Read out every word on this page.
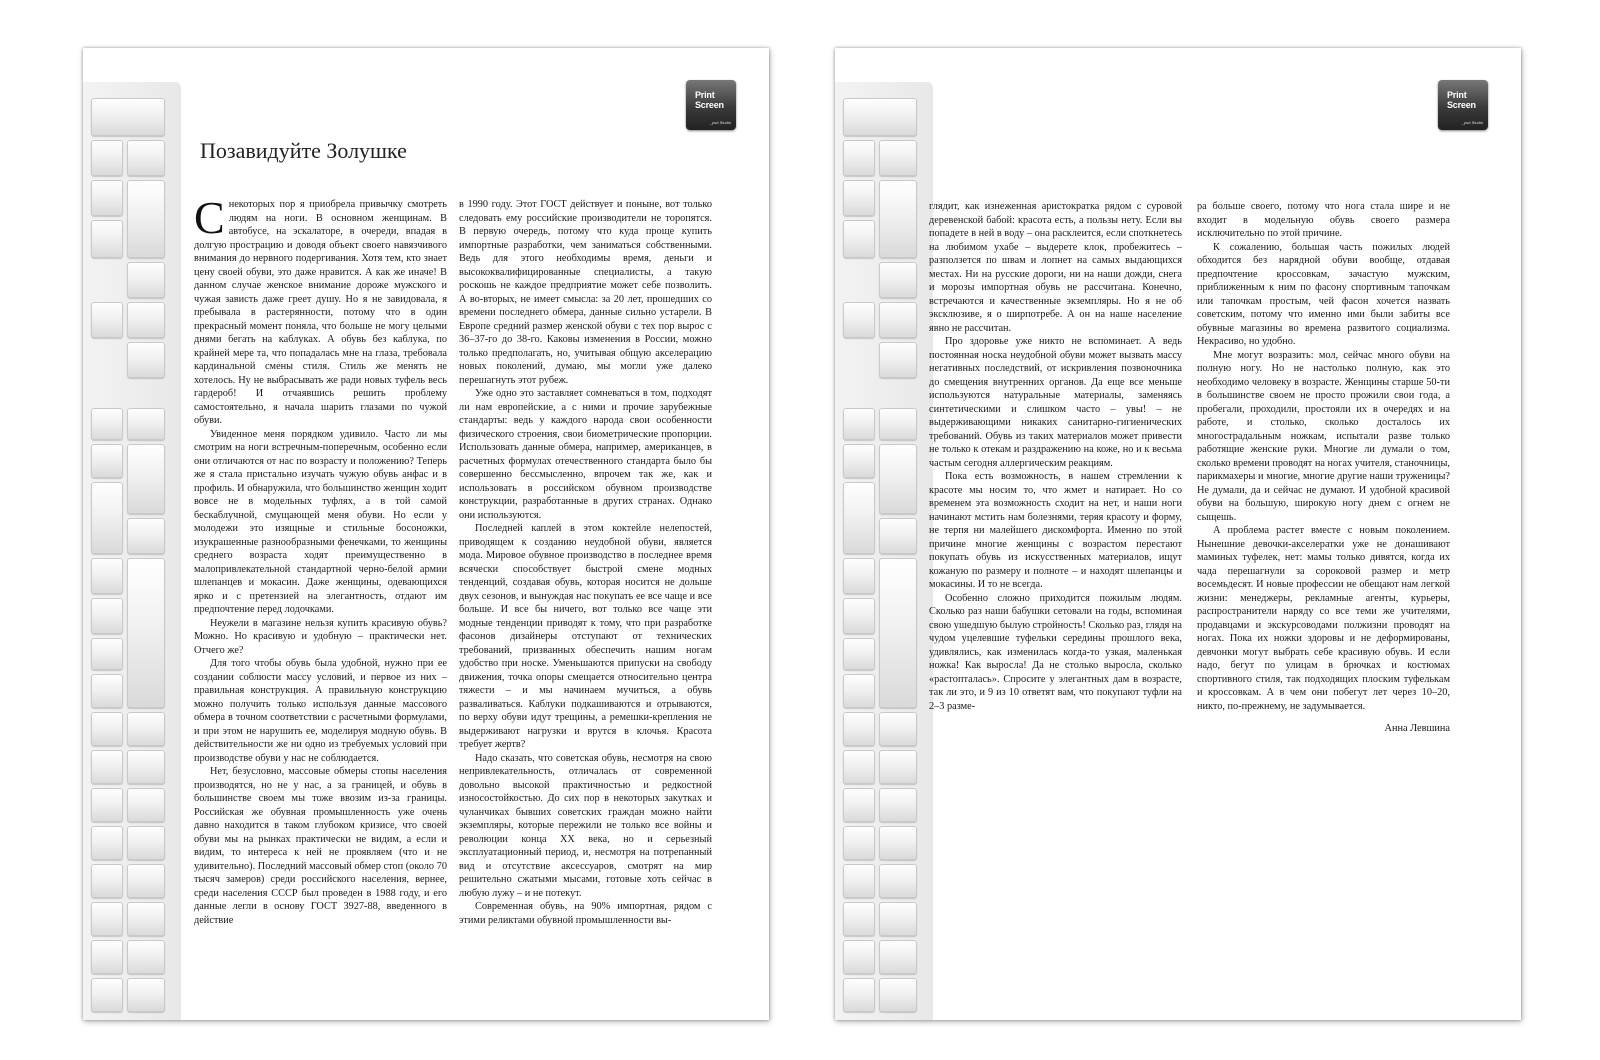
Print
Screen
_psd Studio
Позавидуйте Золушке

Снекоторых пор я приобрела привычку смотреть людям на ноги. В основном женщинам. В автобусе, на эскалаторе, в очереди, впадая в долгую прострацию и доводя объект своего навязчивого внимания до нервного подергивания. Хотя тем, кто знает цену своей обуви, это даже нравится. А как же иначе! В данном случае женское внимание дороже мужского и чужая зависть даже греет душу. Но я не завидовала, я пребывала в растерянности, потому что в один прекрасный момент поняла, что больше не могу целыми днями бегать на каблуках. А обувь без каблука, по крайней мере та, что попадалась мне на глаза, требовала кардинальной смены стиля. Стиль же менять не хотелось. Ну не выбрасывать же ради новых туфель весь гардероб! И отчаявшись решить проблему самостоятельно, я начала шарить глазами по чужой обуви.

Увиденное меня порядком удивило. Часто ли мы смотрим на ноги встречным-поперечным, особенно если они отличаются от нас по возрасту и положению? Теперь же я стала пристально изучать чужую обувь анфас и в профиль. И обнаружила, что большинство женщин ходит вовсе не в модельных туфлях, а в той самой бескаблучной, смущающей меня обуви. Но если у молодежи это изящные и стильные босоножки, изукрашенные разнообразными фенечками, то женщины среднего возраста ходят преимущественно в малопривлекательной стандартной черно-белой армии шлепанцев и мокасин. Даже женщины, одевающихся ярко и с претензией на элегантность, отдают им предпочтение перед лодочками.

Неужели в магазине нельзя купить красивую обувь? Можно. Но красивую и удобную – практически нет. Отчего же?

Для того чтобы обувь была удобной, нужно при ее создании соблюсти массу условий, и первое из них – правильная конструкция. А правильную конструкцию можно получить только используя данные массового обмера в точном соответствии с расчетными формулами, и при этом не нарушить ее, моделируя модную обувь. В действительности же ни одно из требуемых условий при производстве обуви у нас не соблюдается.

Нет, безусловно, массовые обмеры стопы населения производятся, но не у нас, а за границей, и обувь в большинстве своем мы тоже ввозим из-за границы. Российская же обувная промышленность уже очень давно находится в таком глубоком кризисе, что своей обуви мы на рынках практически не видим, а если и видим, то интереса к ней не проявляем (что и не удивительно). Последний массовый обмер стоп (около 70 тысяч замеров) среди российского населения, вернее, среди населения СССР был проведен в 1988 году, и его данные легли в основу ГОСТ 3927-88, введенного в действие

в 1990 году. Этот ГОСТ действует и поныне, вот только следовать ему российские производители не торопятся. В первую очередь, потому что куда проще купить импортные разработки, чем заниматься собственными. Ведь для этого необходимы время, деньги и высококвалифицированные специалисты, а такую роскошь не каждое предприятие может себе позволить. А во-вторых, не имеет смысла: за 20 лет, прошедших со времени последнего обмера, данные сильно устарели. В Европе средний размер женской обуви с тех пор вырос с 36–37-го до 38-го. Каковы изменения в России, можно только предполагать, но, учитывая общую акселерацию новых поколений, думаю, мы могли уже далеко перешагнуть этот рубеж.

Уже одно это заставляет сомневаться в том, подходят ли нам европейские, а с ними и прочие зарубежные стандарты: ведь у каждого народа свои особенности физического строения, свои биометрические пропорции. Использовать данные обмера, например, американцев, в расчетных формулах отечественного стандарта было бы совершенно бессмысленно, впрочем так же, как и использовать в российском обувном производстве конструкции, разработанные в других странах. Однако они используются.

Последней каплей в этом коктейле нелепостей, приводящем к созданию неудобной обуви, является мода. Мировое обувное производство в последнее время всячески способствует быстрой смене модных тенденций, создавая обувь, которая носится не дольше двух сезонов, и вынуждая нас покупать ее все чаще и все больше. И все бы ничего, вот только все чаще эти модные тенденции приводят к тому, что при разработке фасонов дизайнеры отступают от технических требований, призванных обеспечить нашим ногам удобство при носке. Уменьшаются припуски на свободу движения, точка опоры смещается относительно центра тяжести – и мы начинаем мучиться, а обувь разваливаться. Каблуки подкашиваются и отрываются, по верху обуви идут трещины, а ремешки-крепления не выдерживают нагрузки и врутся в клочья. Красота требует жертв?

Надо сказать, что советская обувь, несмотря на свою непривлекательность, отличалась от современной довольно высокой практичностью и редкостной износостойкостью. До сих пор в некоторых закутках и чуланчиках бывших советских граждан можно найти экземпляры, которые пережили не только все войны и революции конца XX века, но и серьезный эксплуатационный период, и, несмотря на потрепанный вид и отсутствие аксессуаров, смотрят на мир решительно сжатыми мысами, готовые хоть сейчас в любую лужу – и не потекут.

Современная обувь, на 90% импортная, рядом с этими реликтами обувной промышленности вы-

Print
Screen
_psd Studio

глядит, как изнеженная аристократка рядом с суровой деревенской бабой: красота есть, а пользы нету. Если вы попадете в ней в воду – она расклеится, если споткнетесь на любимом ухабе – выдерете клок, пробежитесь – разползется по швам и лопнет на самых выдающихся местах. Ни на русские дороги, ни на наши дожди, снега и морозы импортная обувь не рассчитана. Конечно, встречаются и качественные экземпляры. Но я не об эксклюзиве, я о ширпотребе. А он на наше население явно не рассчитан.

Про здоровье уже никто не вспоминает. А ведь постоянная носка неудобной обуви может вызвать массу негативных последствий, от искривления позвоночника до смещения внутренних органов. Да еще все меньше используются натуральные материалы, заменяясь синтетическими и слишком часто – увы! – не выдерживающими никаких санитарно-гигиенических требований. Обувь из таких материалов может привести не только к отекам и раздражению на коже, но и к весьма частым сегодня аллергическим реакциям.

Пока есть возможность, в нашем стремлении к красоте мы носим то, что жмет и натирает. Но со временем эта возможность сходит на нет, и наши ноги начинают мстить нам болезнями, теряя красоту и форму, не терпя ни малейшего дискомфорта. Именно по этой причине многие женщины с возрастом перестают покупать обувь из искусственных материалов, ищут кожаную по размеру и полноте – и находят шлепанцы и мокасины. И то не всегда.

Особенно сложно приходится пожилым людям. Сколько раз наши бабушки сетовали на годы, вспоминая свою ушедшую былую стройность! Сколько раз, глядя на чудом уцелевшие туфельки середины прошлого века, удивлялись, как изменилась когда-то узкая, маленькая ножка! Как выросла! Да не столько выросла, сколько «растопталась». Спросите у элегантных дам в возрасте, так ли это, и 9 из 10 ответят вам, что покупают туфли на 2–3 разме-

ра больше своего, потому что нога стала шире и не входит в модельную обувь своего размера исключительно по этой причине.

К сожалению, большая часть пожилых людей обходится без нарядной обуви вообще, отдавая предпочтение кроссовкам, зачастую мужским, приближенным к ним по фасону спортивным тапочкам или тапочкам простым, чей фасон хочется назвать советским, потому что именно ими были забиты все обувные магазины во времена развитого социализма. Некрасиво, но удобно.

Мне могут возразить: мол, сейчас много обуви на полную ногу. Но не настолько полную, как это необходимо человеку в возрасте. Женщины старше 50-ти в большинстве своем не просто прожили свои года, а пробегали, проходили, простояли их в очередях и на работе, и столько, сколько досталось их многострадальным ножкам, испытали разве только работящие женские руки. Многие ли думали о том, сколько времени проводят на ногах учителя, станочницы, парикмахеры и многие, многие другие наши труженицы? Не думали, да и сейчас не думают. И удобной красивой обуви на большую, широкую ногу днем с огнем не сыщешь.

А проблема растет вместе с новым поколением. Нынешние девочки-акселератки уже не донашивают маминых туфелек, нет: мамы только дивятся, когда их чада перешагнули за сороковой размер и метр восемьдесят. И новые профессии не обещают нам легкой жизни: менеджеры, рекламные агенты, курьеры, распространители наряду со все теми же учителями, продавцами и экскурсоводами полжизни проводят на ногах. Пока их ножки здоровы и не деформированы, девчонки могут выбрать себе красивую обувь. И если надо, бегут по улицам в брючках и костюмах спортивного стиля, так подходящих плоским туфелькам и кроссовкам. А в чем они побегут лет через 10–20, никто, по-прежнему, не задумывается.

Анна Левшина
